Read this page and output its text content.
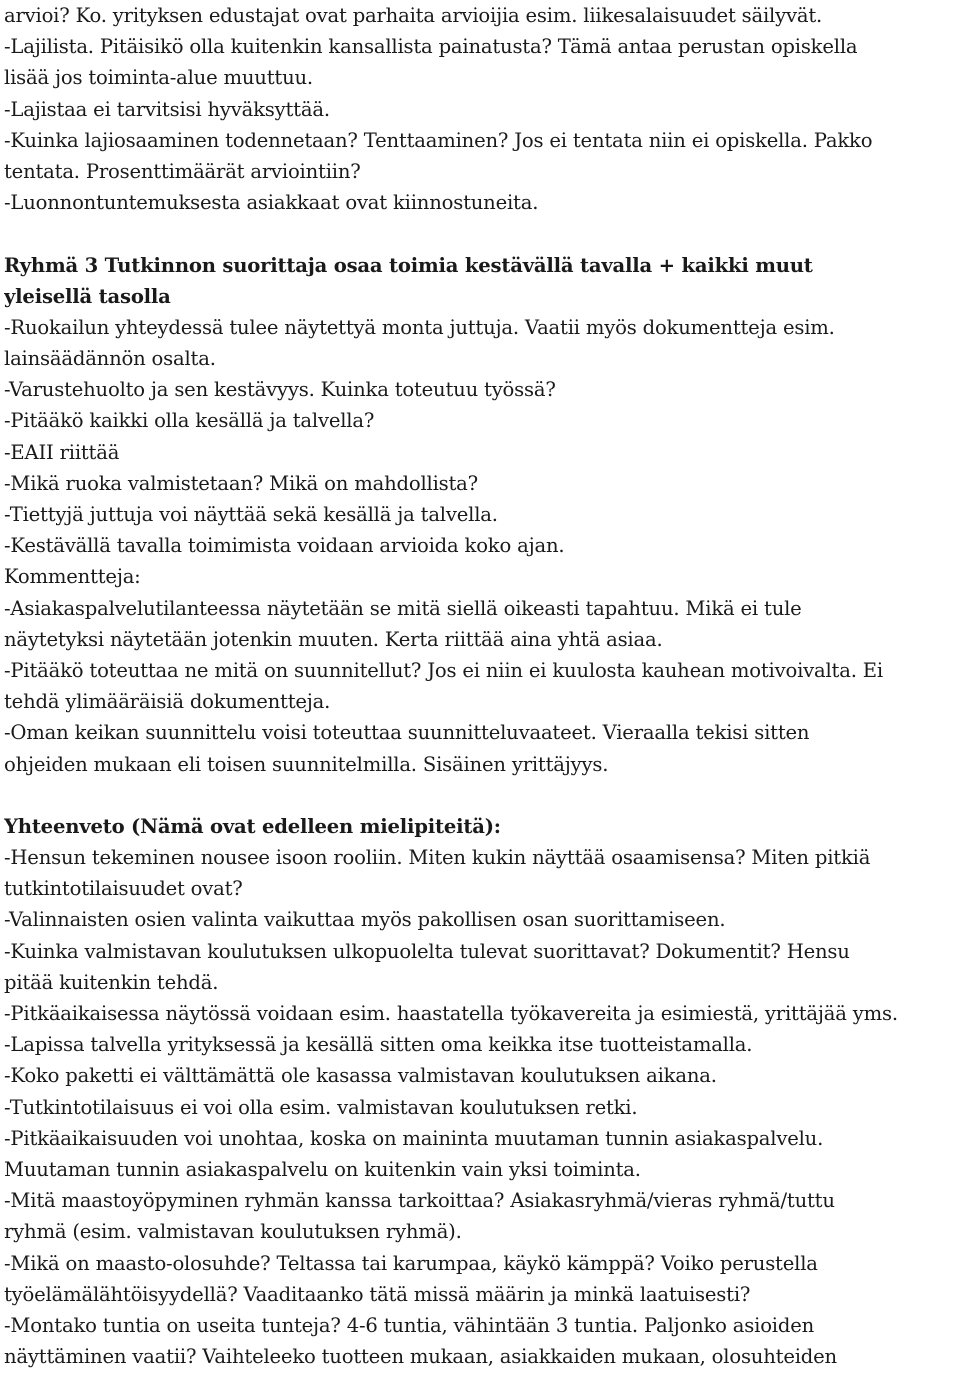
arvioi? Ko. yrityksen edustajat ovat parhaita arvioijia esim. liikesalaisuudet säilyvät.
-Lajilista. Pitäisikö olla kuitenkin kansallista painatusta? Tämä antaa perustan opiskella
lisää jos toiminta-alue muuttuu.
-Lajistaa ei tarvitsisi hyväksyttää.
-Kuinka lajiosaaminen todennetaan? Tenttaaminen? Jos ei tentata niin ei opiskella. Pakko
tentata. Prosenttimäärät arviointiin?
-Luonnontuntemuksesta asiakkaat ovat kiinnostuneita.
Ryhmä 3 Tutkinnon suorittaja osaa toimia kestävällä tavalla + kaikki muut
yleisellä tasolla
-Ruokailun yhteydessä tulee näytettyä monta juttuja. Vaatii myös dokumentteja esim.
lainsäädännön osalta.
-Varustehuolto ja sen kestävyys. Kuinka toteutuu työssä?
-Pitääkö kaikki olla kesällä ja talvella?
-EAII riittää
-Mikä ruoka valmistetaan? Mikä on mahdollista?
-Tiettyjä juttuja voi näyttää sekä kesällä ja talvella.
-Kestävällä tavalla toimimista voidaan arvioida koko ajan.
Kommentteja:
-Asiakaspalvelutilanteessa näytetään se mitä siellä oikeasti tapahtuu. Mikä ei tule
näytetyksi näytetään jotenkin muuten. Kerta riittää aina yhtä asiaa.
-Pitääkö toteuttaa ne mitä on suunnitellut? Jos ei niin ei kuulosta kauhean motivoivalta. Ei
tehdä ylimääräisiä dokumentteja.
-Oman keikan suunnittelu voisi toteuttaa suunnitteluvaateet. Vieraalla tekisi sitten
ohjeiden mukaan eli toisen suunnitelmilla. Sisäinen yrittäjyys.
Yhteenveto (Nämä ovat edelleen mielipiteitä):
-Hensun tekeminen nousee isoon rooliin. Miten kukin näyttää osaamisensa? Miten pitkiä
tutkintotilaisuudet ovat?
-Valinnaisten osien valinta vaikuttaa myös pakollisen osan suorittamiseen.
-Kuinka valmistavan koulutuksen ulkopuolelta tulevat suorittavat? Dokumentit? Hensu
pitää kuitenkin tehdä.
-Pitkäaikaisessa näytössä voidaan esim. haastatella työkavereita ja esimiestä, yrittäjää yms.
-Lapissa talvella yrityksessä ja kesällä sitten oma keikka itse tuotteistamalla.
-Koko paketti ei välttämättä ole kasassa valmistavan koulutuksen aikana.
-Tutkintotilaisuus ei voi olla esim. valmistavan koulutuksen retki.
-Pitkäaikaisuuden voi unohtaa, koska on maininta muutaman tunnin asiakaspalvelu.
Muutaman tunnin asiakaspalvelu on kuitenkin vain yksi toiminta.
-Mitä maastoyöpyminen ryhmän kanssa tarkoittaa? Asiakasryhmä/vieras ryhmä/tuttu
ryhmä (esim. valmistavan koulutuksen ryhmä).
-Mikä on maasto-olosuhde? Teltassa tai karumpaa, käykö kämppä? Voiko perustella
työelämälähtöisyydellä? Vaaditaanko tätä missä määrin ja minkä laatuisesti?
-Montako tuntia on useita tunteja? 4-6 tuntia, vähintään 3 tuntia. Paljonko asioiden
näyttäminen vaatii? Vaihteleeko tuotteen mukaan, asiakkaiden mukaan, olosuhteiden
